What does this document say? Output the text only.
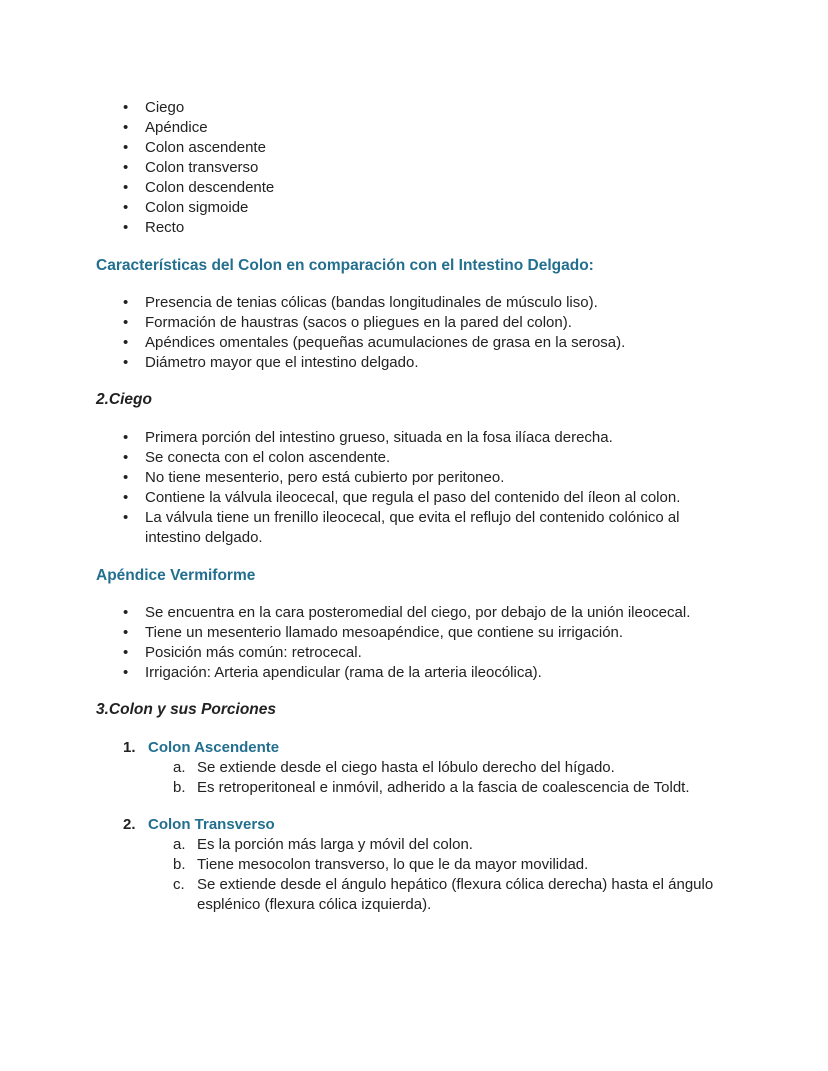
•	Ciego
•	Apéndice
•	Colon ascendente
•	Colon transverso
•	Colon descendente
•	Colon sigmoide
•	Recto
Características del Colon en comparación con el Intestino Delgado:
•	Presencia de tenias cólicas (bandas longitudinales de músculo liso).
•	Formación de haustras (sacos o pliegues en la pared del colon).
•	Apéndices omentales (pequeñas acumulaciones de grasa en la serosa).
•	Diámetro mayor que el intestino delgado.
2.Ciego
•	Primera porción del intestino grueso, situada en la fosa ilíaca derecha.
•	Se conecta con el colon ascendente.
•	No tiene mesenterio, pero está cubierto por peritoneo.
•	Contiene la válvula ileocecal, que regula el paso del contenido del íleon al colon.
•	La válvula tiene un frenillo ileocecal, que evita el reflujo del contenido colónico al intestino delgado.
Apéndice Vermiforme
•	Se encuentra en la cara posteromedial del ciego, por debajo de la unión ileocecal.
•	Tiene un mesenterio llamado mesoapéndice, que contiene su irrigación.
•	Posición más común: retrocecal.
•	Irrigación: Arteria apendicular (rama de la arteria ileocólica).
3.Colon y sus Porciones
1. Colon Ascendente
a. Se extiende desde el ciego hasta el lóbulo derecho del hígado.
b. Es retroperitoneal e inmóvil, adherido a la fascia de coalescencia de Toldt.
2. Colon Transverso
a. Es la porción más larga y móvil del colon.
b. Tiene mesocolon transverso, lo que le da mayor movilidad.
c. Se extiende desde el ángulo hepático (flexura cólica derecha) hasta el ángulo esplénico (flexura cólica izquierda).
